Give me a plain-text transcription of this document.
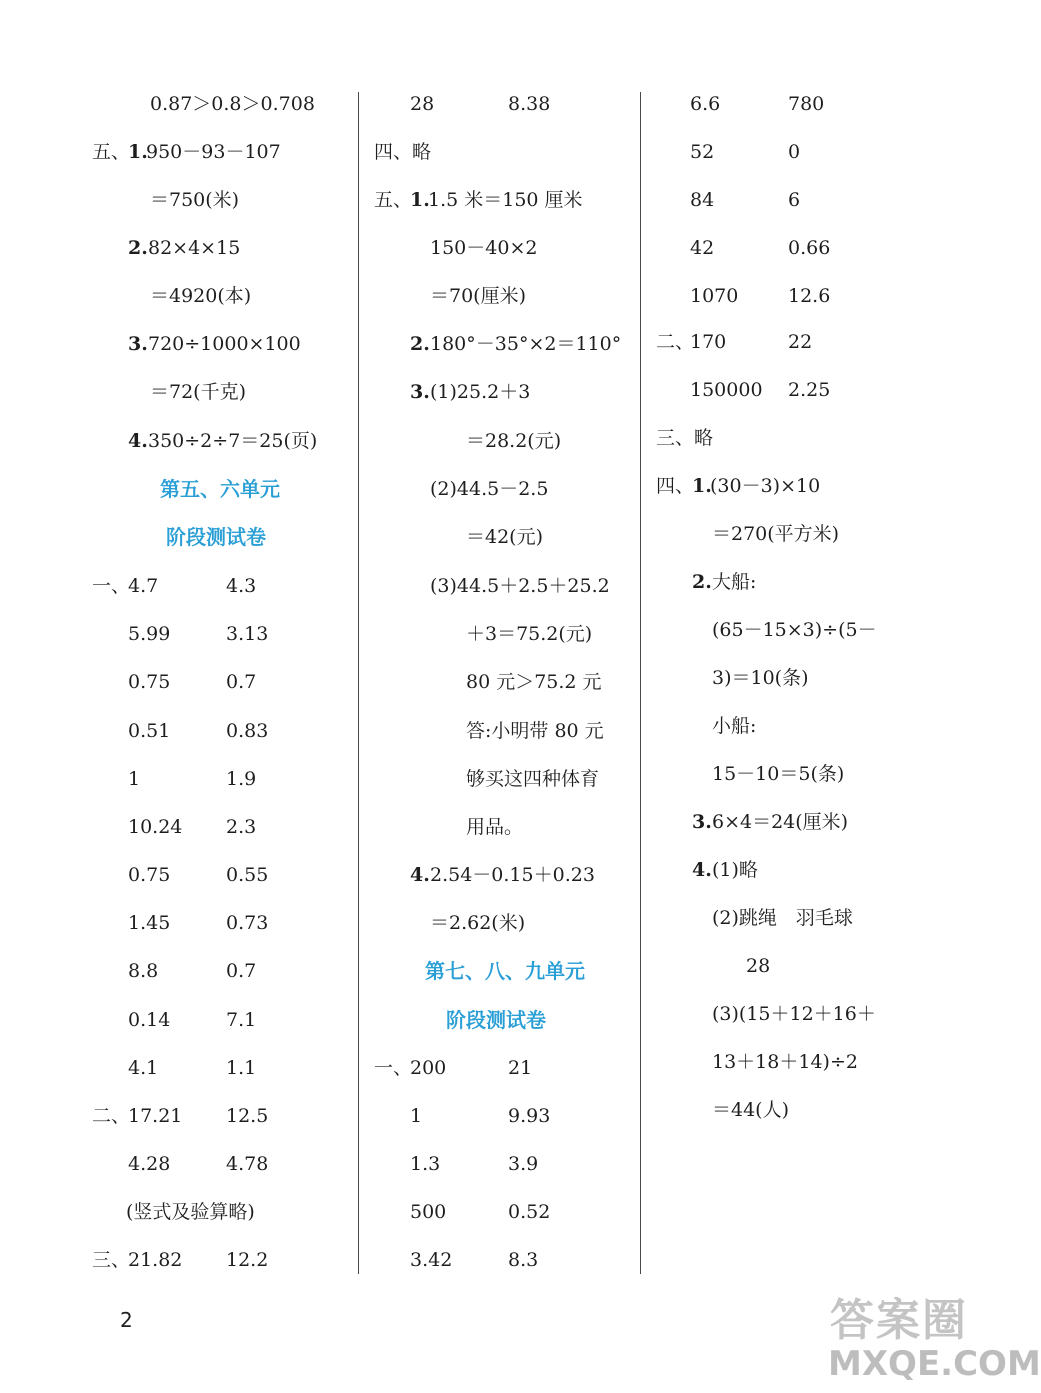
0.87＞0.8＞0.708
五、
1.
950－93－107
＝750(米)
2. 82×4×15
＝4920(本)
3. 720÷1000×100
＝72(千克)
4. 350÷2÷7＝25(页)
第五、六单元
阶段测试卷
一、
4.7	4.3
5.99	3.13
0.75	0.7
0.51	0.83
1	1.9
10.24 2.3
0.75	0.55
1.45	0.73
8.8	0.7
0.14	7.1
4.1	1.1
二、
17.21 12.5
4.28	4.78
(竖式及验算略)
三、
21.82 12.2
28	8.38
四、略
五、
1.
1.5 米＝150 厘米
150－40×2
＝70(厘米)
2. 180°－35°×2＝110°
3. (1)25.2＋3
＝28.2(元)
(2)44.5－2.5
＝42(元)
(3)44.5＋2.5＋25.2
＋3＝75.2(元)
80 元＞75.2 元
答:小明带 80 元
够买这四种体育
用品。
4. 2.54－0.15＋0.23
＝2.62(米)
第七、八、九单元
阶段测试卷
一、
200	21
1	9.93
1.3	3.9
500	0.52
3.42	8.3
6.6	780
52	0
84	6
42	0.66
1070	12.6
二、
170	22
150000 2.25
三、略
四、
1.
(30－3)×10
＝270(平方米)
2. 大船:
(65－15×3)÷(5－
3)＝10(条)
小船:
15－10＝5(条)
3. 6×4＝24(厘米)
4. (1)略
(2)跳绳　羽毛球
28
(3)(15＋12＋16＋
13＋18＋14)÷2
＝44(人)
2	答案圈
MXQE.COM
